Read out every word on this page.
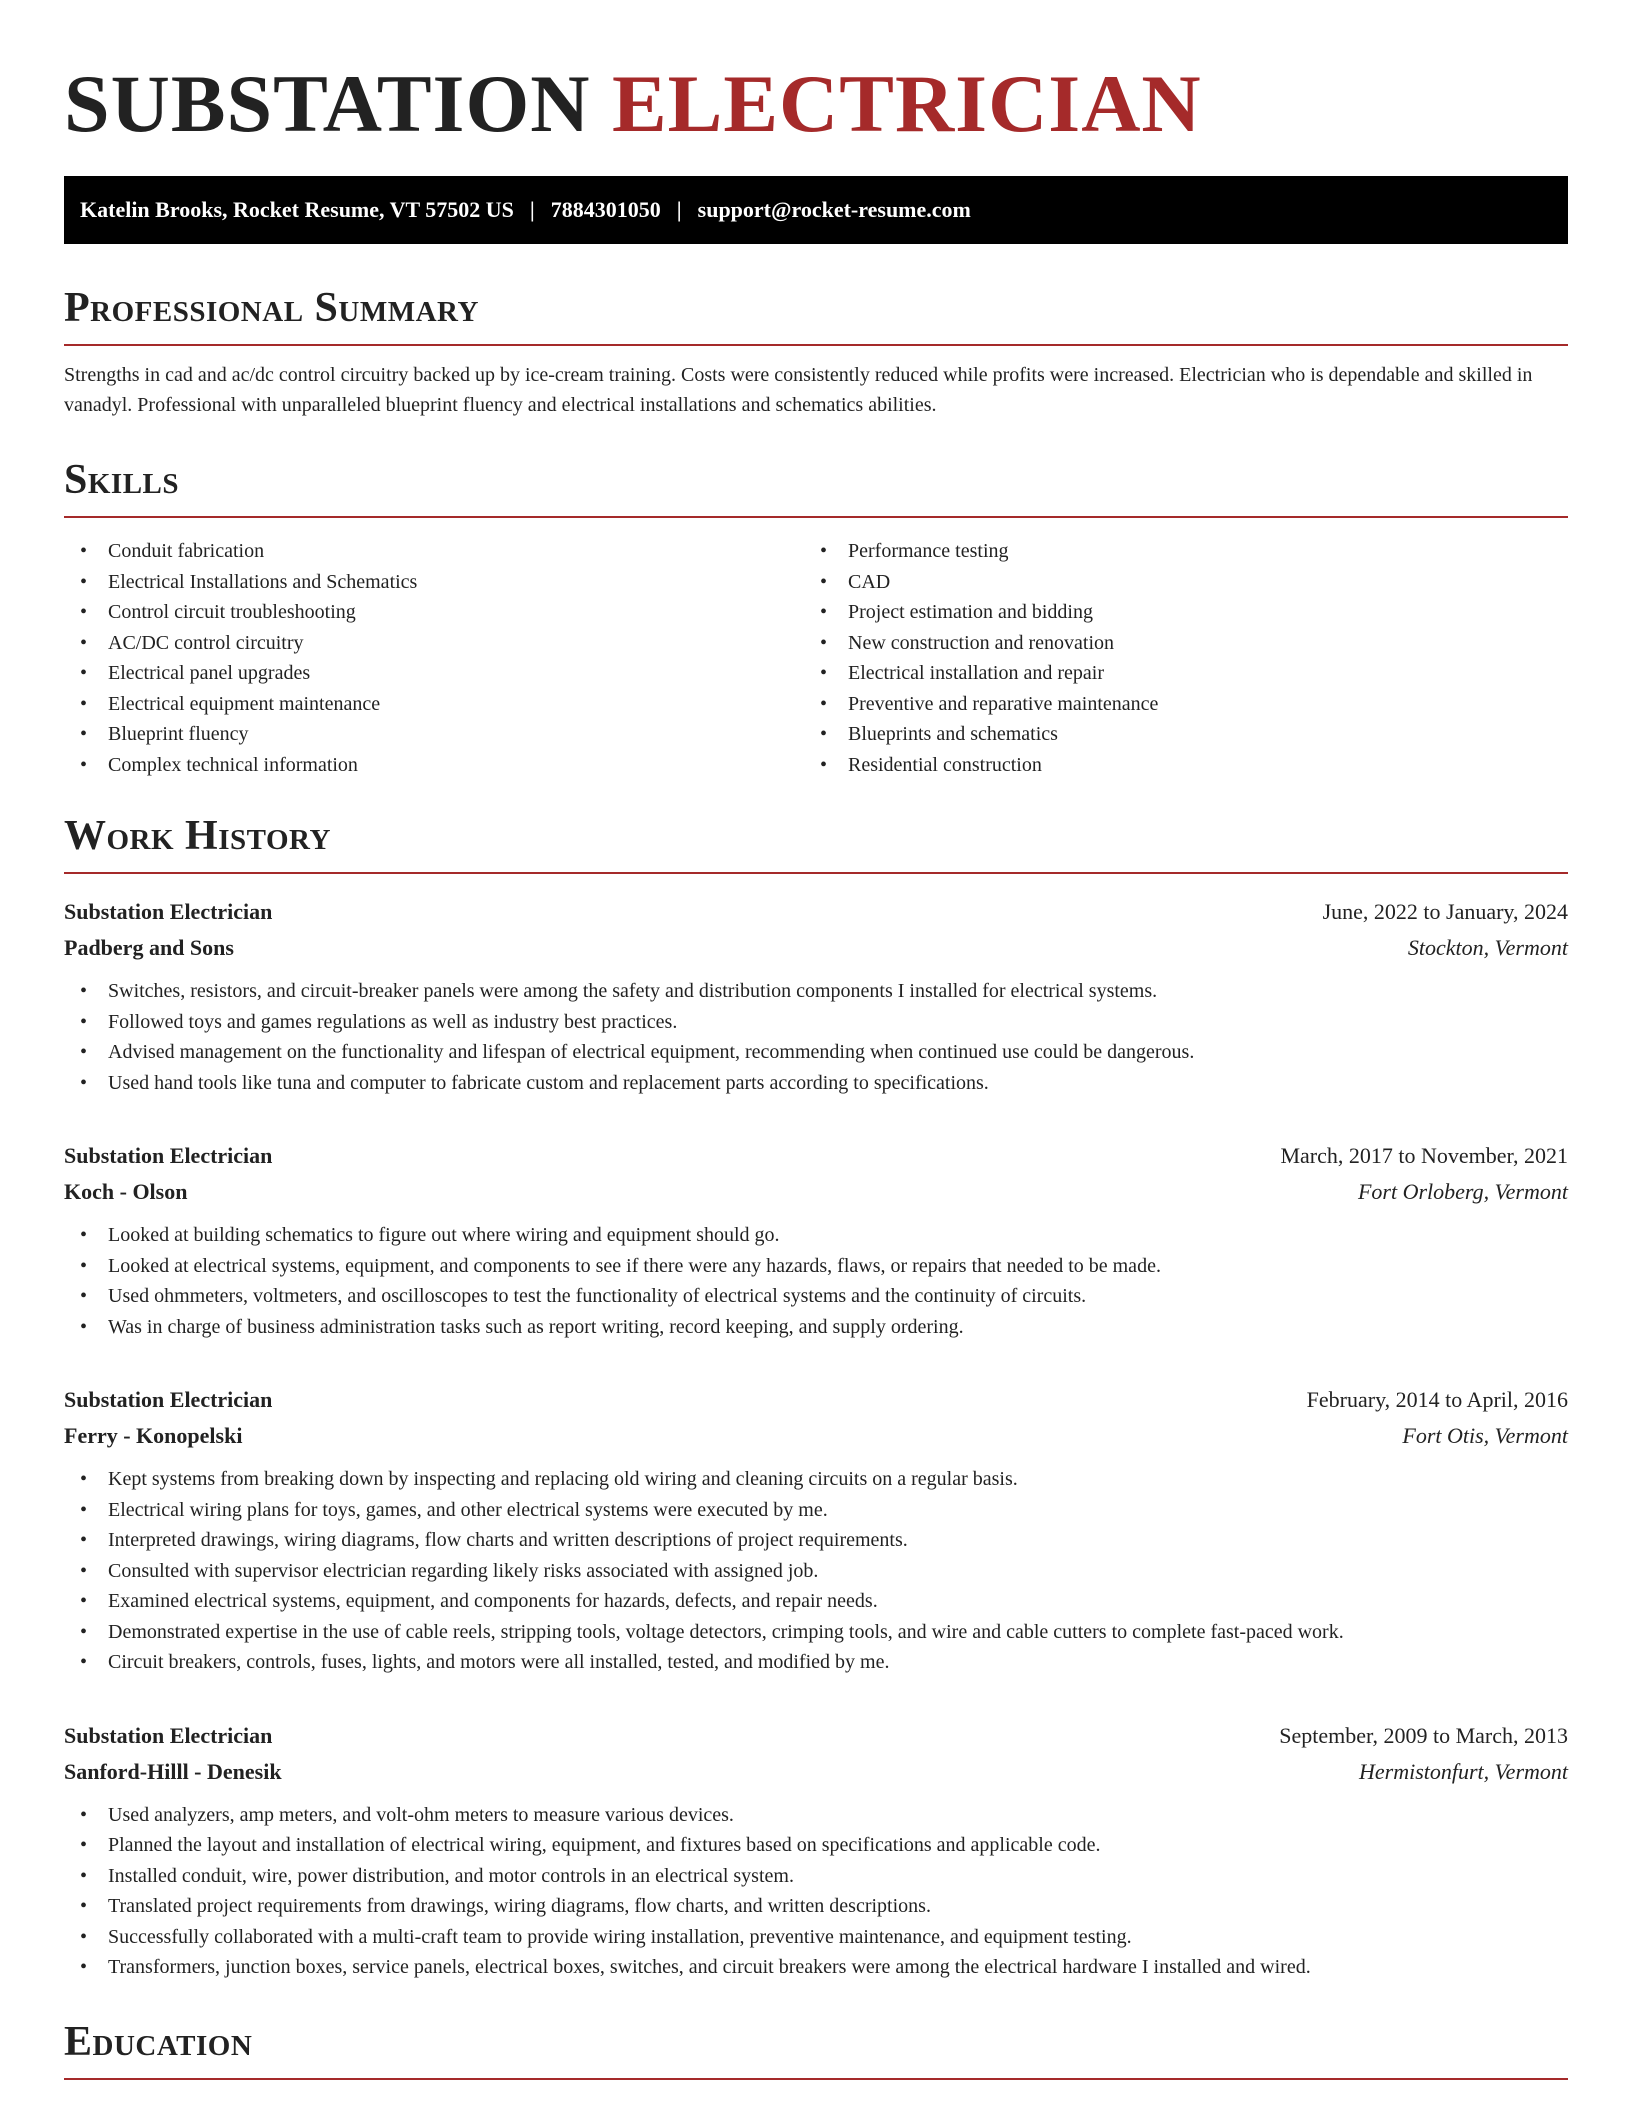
SUBSTATION ELECTRICIAN
Katelin Brooks, Rocket Resume, VT 57502 US | 7884301050 | support@rocket-resume.com
Professional Summary
Strengths in cad and ac/dc control circuitry backed up by ice-cream training. Costs were consistently reduced while profits were increased. Electrician who is dependable and skilled in vanadyl. Professional with unparalleled blueprint fluency and electrical installations and schematics abilities.
Skills
• Conduit fabrication
• Electrical Installations and Schematics
• Control circuit troubleshooting
• AC/DC control circuitry
• Electrical panel upgrades
• Electrical equipment maintenance
• Blueprint fluency
• Complex technical information
• Performance testing
• CAD
• Project estimation and bidding
• New construction and renovation
• Electrical installation and repair
• Preventive and reparative maintenance
• Blueprints and schematics
• Residential construction
Work History
Substation Electrician	June, 2022 to January, 2024
Padberg and Sons	Stockton, Vermont
• Switches, resistors, and circuit-breaker panels were among the safety and distribution components I installed for electrical systems.
• Followed toys and games regulations as well as industry best practices.
• Advised management on the functionality and lifespan of electrical equipment, recommending when continued use could be dangerous.
• Used hand tools like tuna and computer to fabricate custom and replacement parts according to specifications.
Substation Electrician	March, 2017 to November, 2021
Koch - Olson	Fort Orloberg, Vermont
• Looked at building schematics to figure out where wiring and equipment should go.
• Looked at electrical systems, equipment, and components to see if there were any hazards, flaws, or repairs that needed to be made.
• Used ohmmeters, voltmeters, and oscilloscopes to test the functionality of electrical systems and the continuity of circuits.
• Was in charge of business administration tasks such as report writing, record keeping, and supply ordering.
Substation Electrician	February, 2014 to April, 2016
Ferry - Konopelski	Fort Otis, Vermont
• Kept systems from breaking down by inspecting and replacing old wiring and cleaning circuits on a regular basis.
• Electrical wiring plans for toys, games, and other electrical systems were executed by me.
• Interpreted drawings, wiring diagrams, flow charts and written descriptions of project requirements.
• Consulted with supervisor electrician regarding likely risks associated with assigned job.
• Examined electrical systems, equipment, and components for hazards, defects, and repair needs.
• Demonstrated expertise in the use of cable reels, stripping tools, voltage detectors, crimping tools, and wire and cable cutters to complete fast-paced work.
• Circuit breakers, controls, fuses, lights, and motors were all installed, tested, and modified by me.
Substation Electrician	September, 2009 to March, 2013
Sanford-Hilll - Denesik	Hermistonfurt, Vermont
• Used analyzers, amp meters, and volt-ohm meters to measure various devices.
• Planned the layout and installation of electrical wiring, equipment, and fixtures based on specifications and applicable code.
• Installed conduit, wire, power distribution, and motor controls in an electrical system.
• Translated project requirements from drawings, wiring diagrams, flow charts, and written descriptions.
• Successfully collaborated with a multi-craft team to provide wiring installation, preventive maintenance, and equipment testing.
• Transformers, junction boxes, service panels, electrical boxes, switches, and circuit breakers were among the electrical hardware I installed and wired.
Education
